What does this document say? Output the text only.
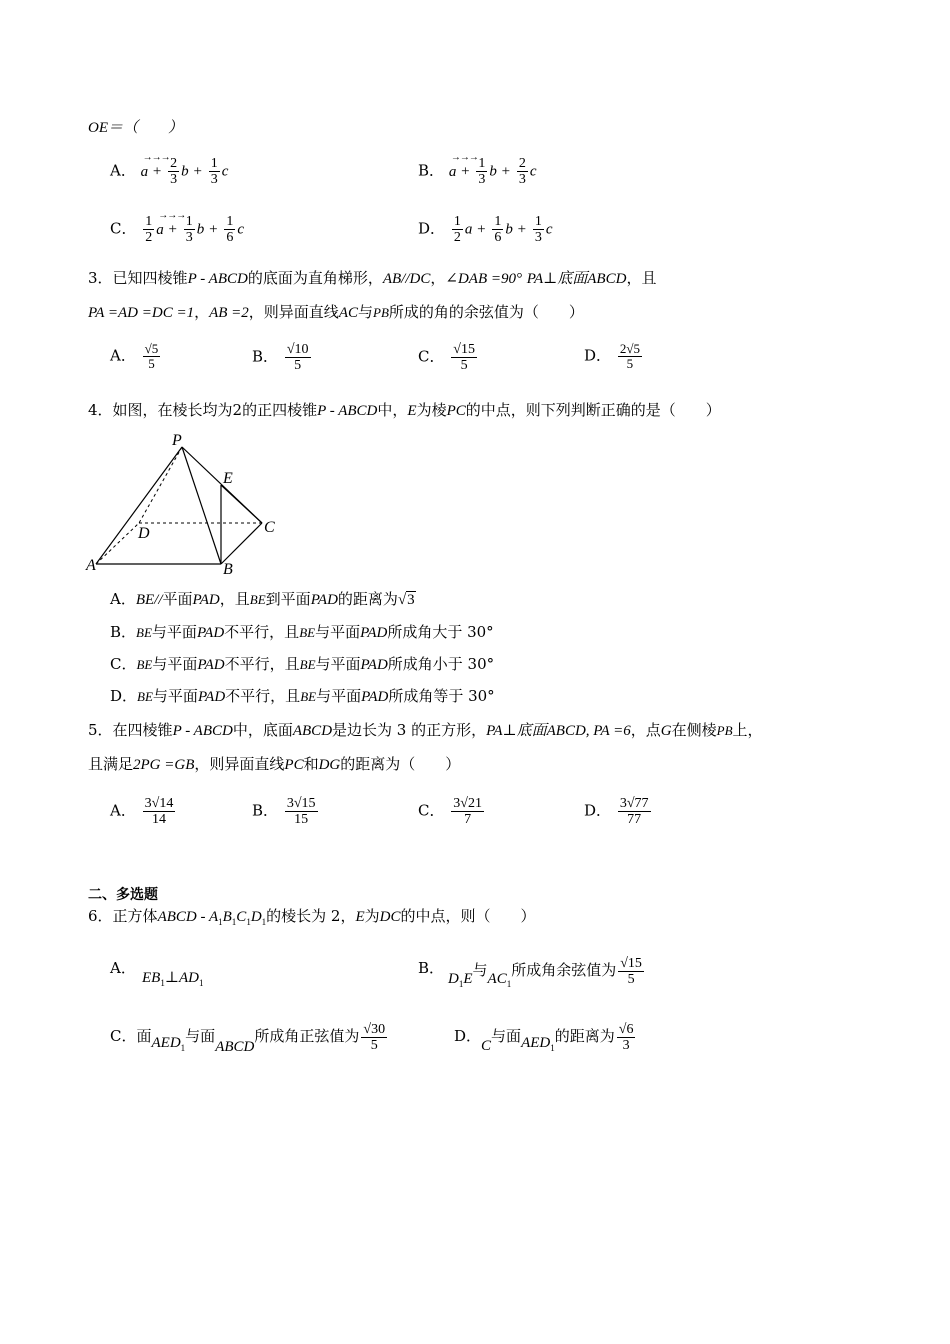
OE＝（　　）
A．
→→→
$a + \frac{2}{3}$ $b + \frac{1}{3}$ c	B．
→→→
$a + \frac{1}{3}$ $b + \frac{2}{3}$ c
C． $\frac{1}{2}$ →→→
$a + \frac{1}{3}$ $b + \frac{1}{6}$ c	D． $\frac{1}{2}$ $a + \frac{1}{6}$ $b + \frac{1}{3}$ c
3．已知四棱锥P - ABCD的底面为直角梯形，AB//DC，∠DAB =90° PA⊥底面ABCD，且
PA =AD =DC =1，AB =2，则异面直线AC与PB所成的角的余弦值为（　　）
A． $\frac{√5}{5}$	B． $\frac{√10}{5}$	C． $\frac{√15}{5}$	D． $\frac{2√5}{5}$
4．如图，在棱长均为2的正四棱锥P - ABCD中，E为棱PC的中点，则下列判断正确的是（　　）
P
E
D	C
A	B
A．BE//平面PAD，且BE到平面PAD的距离为√3
B．BE与平面PAD不平行，且BE与平面PAD所成角大于 30°
C．BE与平面PAD不平行，且BE与平面PAD所成角小于 30°
D．BE与平面PAD不平行，且BE与平面PAD所成角等于 30°
5．在四棱锥P - ABCD中，底面ABCD是边长为 3 的正方形，PA⊥底面ABCD, PA =6，点G在侧棱PB上，
且满足2PG =GB，则异面直线PC和DG的距离为（　　）
A． $\frac{3√14}{14}$	B． $\frac{3√15}{15}$	C． $\frac{3√21}{7}$	D． $\frac{3√77}{77}$
二、多选题
6．正方体ABCD - $A_1B_1C_1D_1$的棱长为 2，E为DC的中点，则（　　）
A．
$EB_1\perp AD_1$
B．
$D_1E$与$AC_1$所成角余弦值为 $\frac{√15}{5}$
C．面$AED_1$与面ABCD所成角正弦值为 $\frac{√30}{5}$	D．C与面$AED_1$的距离为 $\frac{√6}{3}$
